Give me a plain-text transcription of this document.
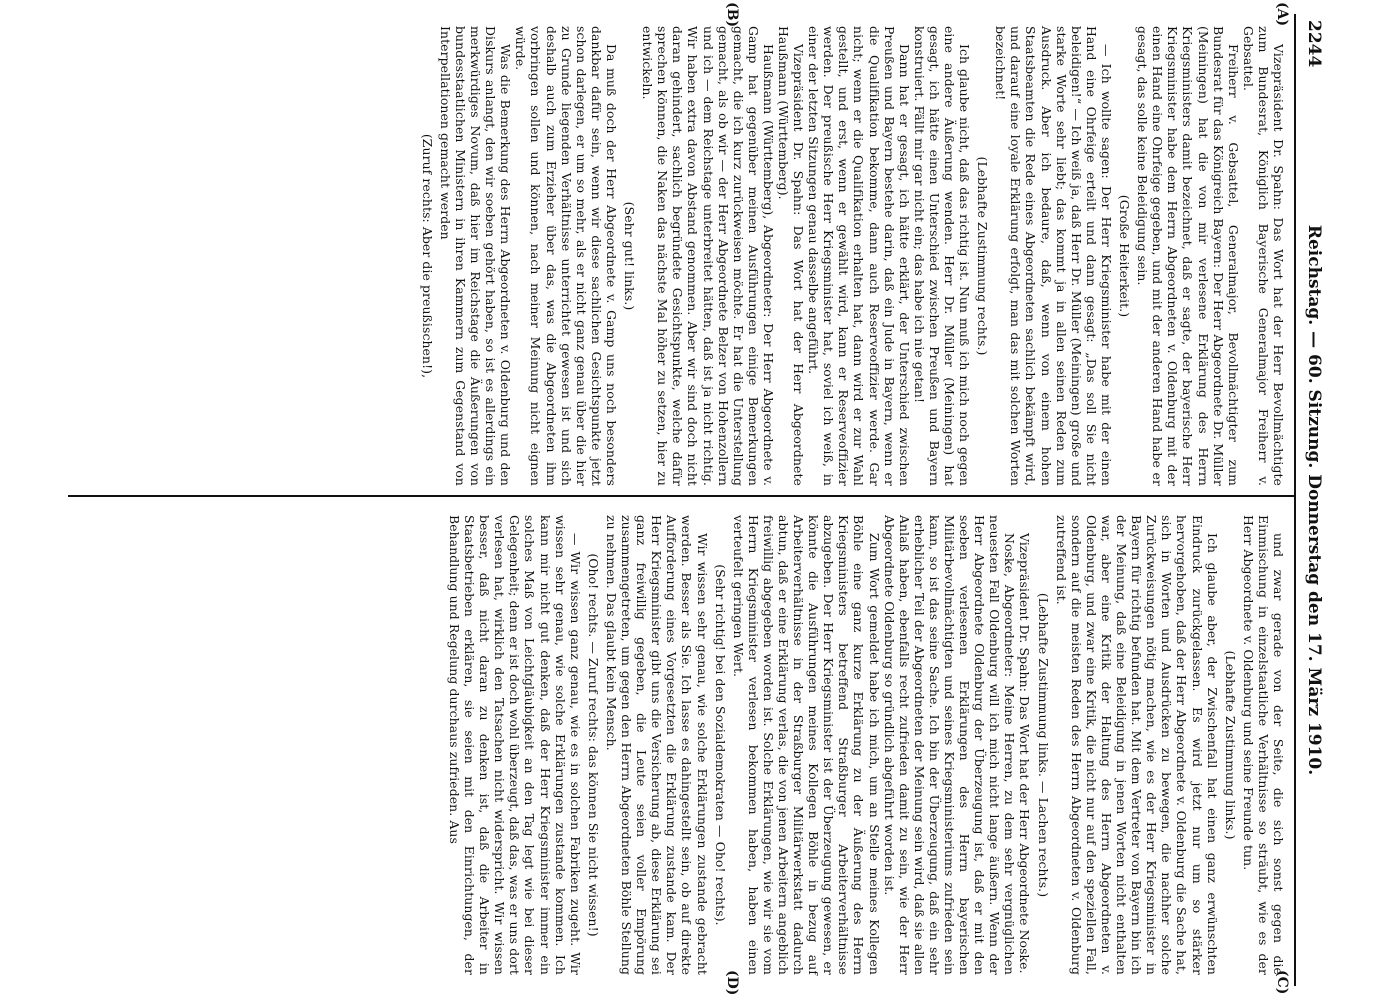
2244
Reichstag. — 60. Sitzung. Donnerstag den 17. März 1910.
(A)
(B)
(C)
(D)

Vizepräsident Dr. Spahn: Das Wort hat der Herr Bevollmächtigte zum Bundesrat, Königlich Bayerische Generalmajor Freiherr v. Gebsattel.

Freiherr v. Gebsattel, Generalmajor, Bevollmächtigter zum Bundesrat für das Königreich Bayern: Der Herr Abgeordnete Dr. Müller (Meiningen) hat die von mir verlesene Erklärung des Herrn Kriegsministers damit bezeichnet, daß er sagte, der bayerische Herr Kriegsminister habe dem Herrn Abgeordneten v. Oldenburg mit der einen Hand eine Ohrfeige gegeben, und mit der anderen Hand habe er gesagt, das solle keine Beleidigung sein.

(Große Heiterkeit.)

— Ich wollte sagen: Der Herr Kriegsminister habe mit der einen Hand eine Ohrfeige erteilt und dann gesagt: „Das soll Sie nicht beleidigen!“ — Ich weiß ja, daß Herr Dr. Müller (Meiningen) große und starke Worte sehr liebt; das kommt ja in allen seinen Reden zum Ausdruck. Aber ich bedaure, daß, wenn von einem hohen Staatsbeamten die Rede eines Abgeordneten sachlich bekämpft wird, und darauf eine loyale Erklärung erfolgt, man das mit solchen Worten bezeichnet!

(Lebhafte Zustimmung rechts.)

Ich glaube nicht, daß das richtig ist. Nun muß ich mich noch gegen eine andere Äußerung wenden. Herr Dr. Müller (Meiningen) hat gesagt, ich hätte einen Unterschied zwischen Preußen und Bayern konstruiert. Fällt mir gar nicht ein; das habe ich nie getan!

Dann hat er gesagt, ich hätte erklärt, der Unterschied zwischen Preußen und Bayern bestehe darin, daß ein Jude in Bayern, wenn er die Qualifikation bekomme, dann auch Reserveoffizier werde. Gar nicht; wenn er die Qualifikation erhalten hat, dann wird er zur Wahl gestellt, und erst, wenn er gewählt wird, kann er Reserveoffizier werden. Der preußische Herr Kriegsminister hat, soviel ich weiß, in einer der letzten Sitzungen genau dasselbe angeführt.

Vizepräsident Dr. Spahn: Das Wort hat der Herr Abgeordnete Haußmann (Württemberg).

Haußmann (Württemberg), Abgeordneter: Der Herr Abgeordnete v. Gamp hat gegenüber meinen Ausführungen einige Bemerkungen gemacht, die ich kurz zurückweisen möchte. Er hat die Unterstellung gemacht, als ob wir — der Herr Abgeordnete Belzer von Hohenzollern und ich — dem Reichstage unterbreitet hätten, daß ist ja nicht richtig. Wir haben extra davon Abstand genommen. Aber wir sind doch nicht daran gehindert, sachlich begründete Gesichtspunkte, welche dafür sprechen können, die Naken das nächste Mal höher zu setzen, hier zu entwickeln.

(Sehr gut! links.)

Da muß doch der Herr Abgeordnete v. Gamp uns noch besonders dankbar dafür sein, wenn wir diese sachlichen Gesichtspunkte jetzt schon darlegen, er um so mehr, als er nicht ganz genau über die hier zu Grunde liegenden Verhältnisse unterrichtet gewesen ist und sich deshalb auch zum Erzieher über das, was die Abgeordneten ihm vorbringen sollen und können, nach meiner Meinung nicht eignen würde.

Was die Bemerkung des Herrn Abgeordneten v. Oldenburg und den Diskurs anlangt, den wir soeben gehört haben, so ist es allerdings ein merkwürdiges Novum, daß hier im Reichstage die Äußerungen von bundesstaatlichen Ministern in ihren Kammern zum Gegenstand von Interpellationen gemacht werden

(Zuruf rechts: Aber die preußischen!),

und zwar gerade von der Seite, die sich sonst gegen die Einmischung in einzelstaatliche Verhältnisse so sträubt, wie es der Herr Abgeordnete v. Oldenburg und seine Freunde tun.

(Lebhafte Zustimmung links.)

Ich glaube aber, der Zwischenfall hat einen ganz erwünschten Eindruck zurückgelassen. Es wird jetzt nur um so stärker hervorgehoben, daß der Herr Abgeordnete v. Oldenburg die Sache hat, sich in Worten und Ausdrücken zu bewegen, die nachher solche Zurückweisungen nötig machen, wie es der Herr Kriegsminister in Bayern für richtig befunden hat. Mit dem Vertreter von Bayern bin ich der Meinung, daß eine Beleidigung in jenen Worten nicht enthalten war, aber eine Kritik der Haltung des Herrn Abgeordneten v. Oldenburg, und zwar eine Kritik, die nicht nur auf den speziellen Fall, sondern auf die meisten Reden des Herrn Abgeordneten v. Oldenburg zutreffend ist.

(Lebhafte Zustimmung links. — Lachen rechts.)

Vizepräsident Dr. Spahn: Das Wort hat der Herr Abgeordnete Noske.

Noske, Abgeordneter: Meine Herren, zu dem sehr vergnüglichen neuesten Fall Oldenburg will ich mich nicht lange äußern. Wenn der Herr Abgeordnete Oldenburg der Überzeugung ist, daß er mit den soeben verlesenen Erklärungen des Herrn bayerischen Militärbevollmächtigten und seines Kriegsministeriums zufrieden sein kann, so ist das seine Sache. Ich bin der Überzeugung, daß ein sehr erheblicher Teil der Abgeordneten der Meinung sein wird, daß sie allen Anlaß haben, ebenfalls recht zufrieden damit zu sein, wie der Herr Abgeordnete Oldenburg so gründlich abgeführt worden ist.

Zum Wort gemeldet habe ich mich, um an Stelle meines Kollegen Böhle eine ganz kurze Erklärung zu der Äußerung des Herrn Kriegsministers betreffend Straßburger Arbeiterverhältnisse abzugeben. Der Herr Kriegsminister ist der Überzeugung gewesen, er könnte die Ausführungen meines Kollegen Böhle in bezug auf Arbeiterverhältnisse in der Straßburger Militärwerkstatt dadurch abtun, daß er eine Erklärung verlas, die von jenen Arbeitern angeblich freiwillig abgegeben worden ist. Solche Erklärungen, wie wir sie vom Herrn Kriegsminister verlesen bekommen haben, haben einen verteufelt geringen Wert.

(Sehr richtig! bei den Sozialdemokraten — Oho! rechts).

Wir wissen sehr genau, wie solche Erklärungen zustande gebracht werden. Besser als Sie. Ich lasse es dahingestellt sein, ob auf direkte Aufforderung eines Vorgesetzten die Erklärung zustande kam. Der Herr Kriegsminister gibt uns die Versicherung ab, diese Erklärung sei ganz freiwillig gegeben, die Leute seien voller Empörung zusammengetreten, um gegen den Herrn Abgeordneten Böhle Stellung zu nehmen. Das glaubt kein Mensch.

(Oho! rechts. — Zuruf rechts: das können Sie nicht wissen!)

— Wir wissen ganz genau, wie es in solchen Fabriken zugeht. Wir wissen sehr genau, wie solche Erklärungen zustande kommen. Ich kann mir nicht gut denken, daß der Herr Kriegsminister immer ein solches Maß von Leichtgläubigkeit an den Tag legt wie bei dieser Gelegenheit; denn er ist doch wohl überzeugt, daß das, was er uns dort verlesen hat, wirklich den Tatsachen nicht widerspricht. Wir wissen besser, daß nicht daran zu denken ist, daß die Arbeiter in Staatsbetrieben erklären, sie seien mit den Einrichtungen, der Behandlung und Regelung durchaus zufrieden. Aus
